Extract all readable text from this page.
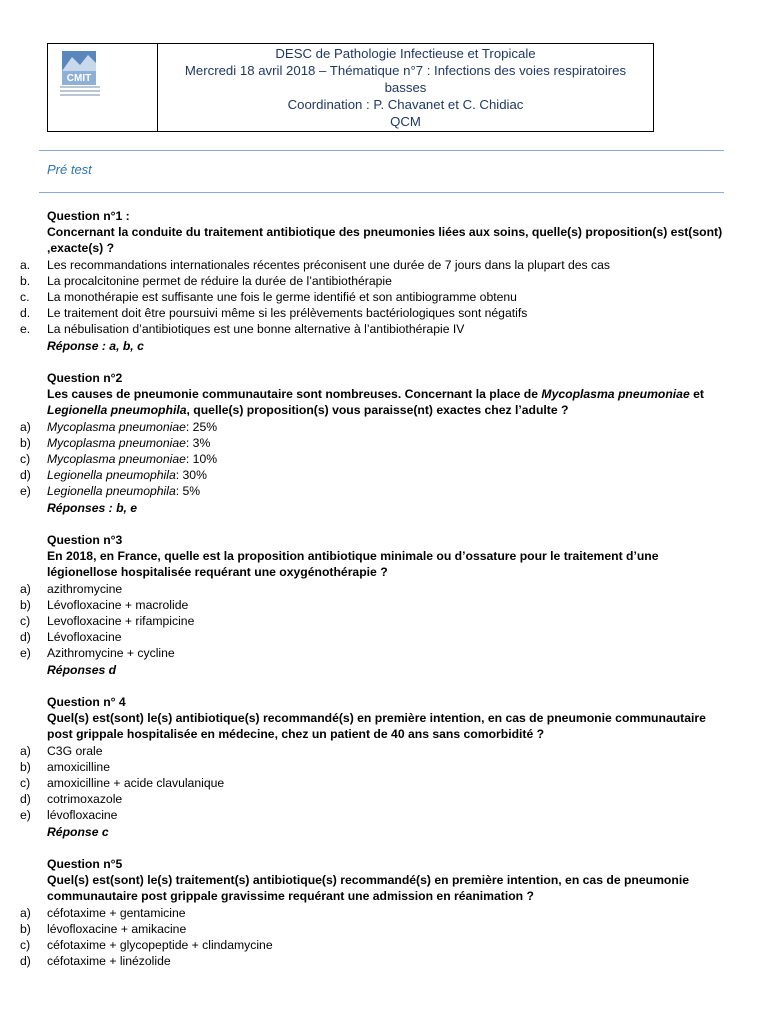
CMIT
DESC de Pathologie Infectieuse et Tropicale
Mercredi 18 avril 2018 – Thématique n°7 : Infections des voies respiratoires
basses
Coordination : P. Chavanet et C. Chidiac
QCM
Pré test
Question n°1 :
Concernant la conduite du traitement antibiotique des pneumonies liées aux soins, quelle(s) proposition(s) est(sont) ,exacte(s) ?
a.	Les recommandations internationales récentes préconisent une durée de 7 jours dans la plupart des cas
b.	La procalcitonine permet de réduire la durée de l’antibiothérapie
c.	La monothérapie est suffisante une fois le germe identifié et son antibiogramme obtenu
d.	Le traitement doit être poursuivi même si les prélèvements bactériologiques sont négatifs
e.	La nébulisation d’antibiotiques est une bonne alternative à l’antibiothérapie IV
Réponse : a, b, c
Question n°2
Les causes de pneumonie communautaire sont nombreuses. Concernant la place de Mycoplasma pneumoniae et Legionella pneumophila, quelle(s) proposition(s) vous paraisse(nt) exactes chez l’adulte ?
a)	Mycoplasma pneumoniae : 25%
b)	Mycoplasma pneumoniae : 3%
c)	Mycoplasma pneumoniae : 10%
d)	Legionella pneumophila : 30%
e)	Legionella pneumophila : 5%
Réponses : b, e
Question n°3
En 2018, en France, quelle est la proposition antibiotique minimale ou d’ossature pour le traitement d’une légionellose hospitalisée requérant une oxygénothérapie ?
a)	azithromycine
b)	Lévofloxacine + macrolide
c)	Levofloxacine + rifampicine
d)	Lévofloxacine
e)	Azithromycine + cycline
Réponses d
Question n° 4
Quel(s) est(sont) le(s) antibiotique(s) recommandé(s) en première intention, en cas de pneumonie communautaire post grippale hospitalisée en médecine, chez un patient de 40 ans sans comorbidité ?
a)	C3G orale
b)	amoxicilline
c)	amoxicilline + acide clavulanique
d)	cotrimoxazole
e)	lévofloxacine
Réponse c
Question n°5
Quel(s) est(sont) le(s) traitement(s) antibiotique(s) recommandé(s) en première intention, en cas de pneumonie communautaire post grippale gravissime requérant une admission en réanimation ?
a)	céfotaxime + gentamicine
b)	lévofloxacine + amikacine
c)	céfotaxime + glycopeptide + clindamycine
d)	céfotaxime + linézolide
